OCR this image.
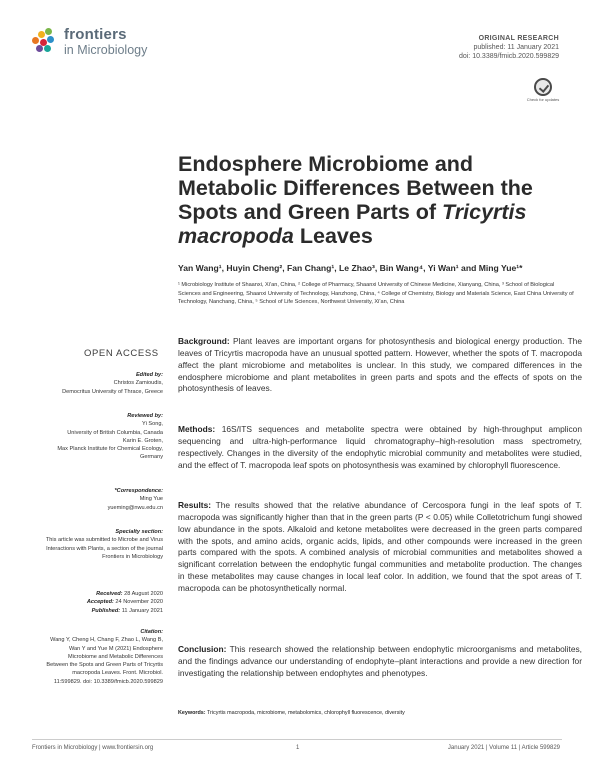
frontiers
in Microbiology
ORIGINAL RESEARCH
published: 11 January 2021
doi: 10.3389/fmicb.2020.599829
Check for updates
Endosphere Microbiome and Metabolic Differences Between the Spots and Green Parts of Tricyrtis macropoda Leaves
Yan Wang¹, Huyin Cheng², Fan Chang¹, Le Zhao³, Bin Wang⁴, Yi Wan¹ and Ming Yue¹*
¹ Microbiology Institute of Shaanxi, Xi'an, China, ² College of Pharmacy, Shaanxi University of Chinese Medicine, Xianyang, China, ³ School of Biological Sciences and Engineering, Shaanxi University of Technology, Hanzhong, China, ⁴ College of Chemistry, Biology and Materials Science, East China University of Technology, Nanchang, China, ⁵ School of Life Sciences, Northwest University, Xi'an, China
OPEN ACCESS
Edited by:
Christos Zamioudis,
Democritus University of Thrace, Greece
Reviewed by:
Yi Song,
University of British Columbia, Canada
Karin E. Groten,
Max Planck Institute for Chemical Ecology, Germany
*Correspondence:
Ming Yue
yueming@nwu.edu.cn
Specialty section:
This article was submitted to Microbe and Virus Interactions with Plants, a section of the journal Frontiers in Microbiology
Received: 28 August 2020
Accepted: 24 November 2020
Published: 11 January 2021
Citation:
Wang Y, Cheng H, Chang F, Zhao L, Wang B, Wan Y and Yue M (2021) Endosphere Microbiome and Metabolic Differences Between the Spots and Green Parts of Tricyrtis macropoda Leaves. Front. Microbiol. 11:599829. doi: 10.3389/fmicb.2020.599829
Background: Plant leaves are important organs for photosynthesis and biological energy production. The leaves of Tricyrtis macropoda have an unusual spotted pattern. However, whether the spots of T. macropoda affect the plant microbiome and metabolites is unclear. In this study, we compared differences in the endosphere microbiome and plant metabolites in green parts and spots and the effects of spots on the photosynthesis of leaves.
Methods: 16S/ITS sequences and metabolite spectra were obtained by high-throughput amplicon sequencing and ultra-high-performance liquid chromatography–high-resolution mass spectrometry, respectively. Changes in the diversity of the endophytic microbial community and metabolites were studied, and the effect of T. macropoda leaf spots on photosynthesis was examined by chlorophyll fluorescence.
Results: The results showed that the relative abundance of Cercospora fungi in the leaf spots of T. macropoda was significantly higher than that in the green parts (P < 0.05) while Colletotrichum fungi showed low abundance in the spots. Alkaloid and ketone metabolites were decreased in the green parts compared with the spots, and amino acids, organic acids, lipids, and other compounds were increased in the green parts compared with the spots. A combined analysis of microbial communities and metabolites showed a significant correlation between the endophytic fungal communities and metabolite production. The changes in these metabolites may cause changes in local leaf color. In addition, we found that the spot areas of T. macropoda can be photosynthetically normal.
Conclusion: This research showed the relationship between endophytic microorganisms and metabolites, and the findings advance our understanding of endophyte–plant interactions and provide a new direction for investigating the relationship between endophytes and phenotypes.
Keywords: Tricyrtis macropoda, microbiome, metabolomics, chlorophyll fluorescence, diversity
Frontiers in Microbiology | www.frontiersin.org	1	January 2021 | Volume 11 | Article 599829
